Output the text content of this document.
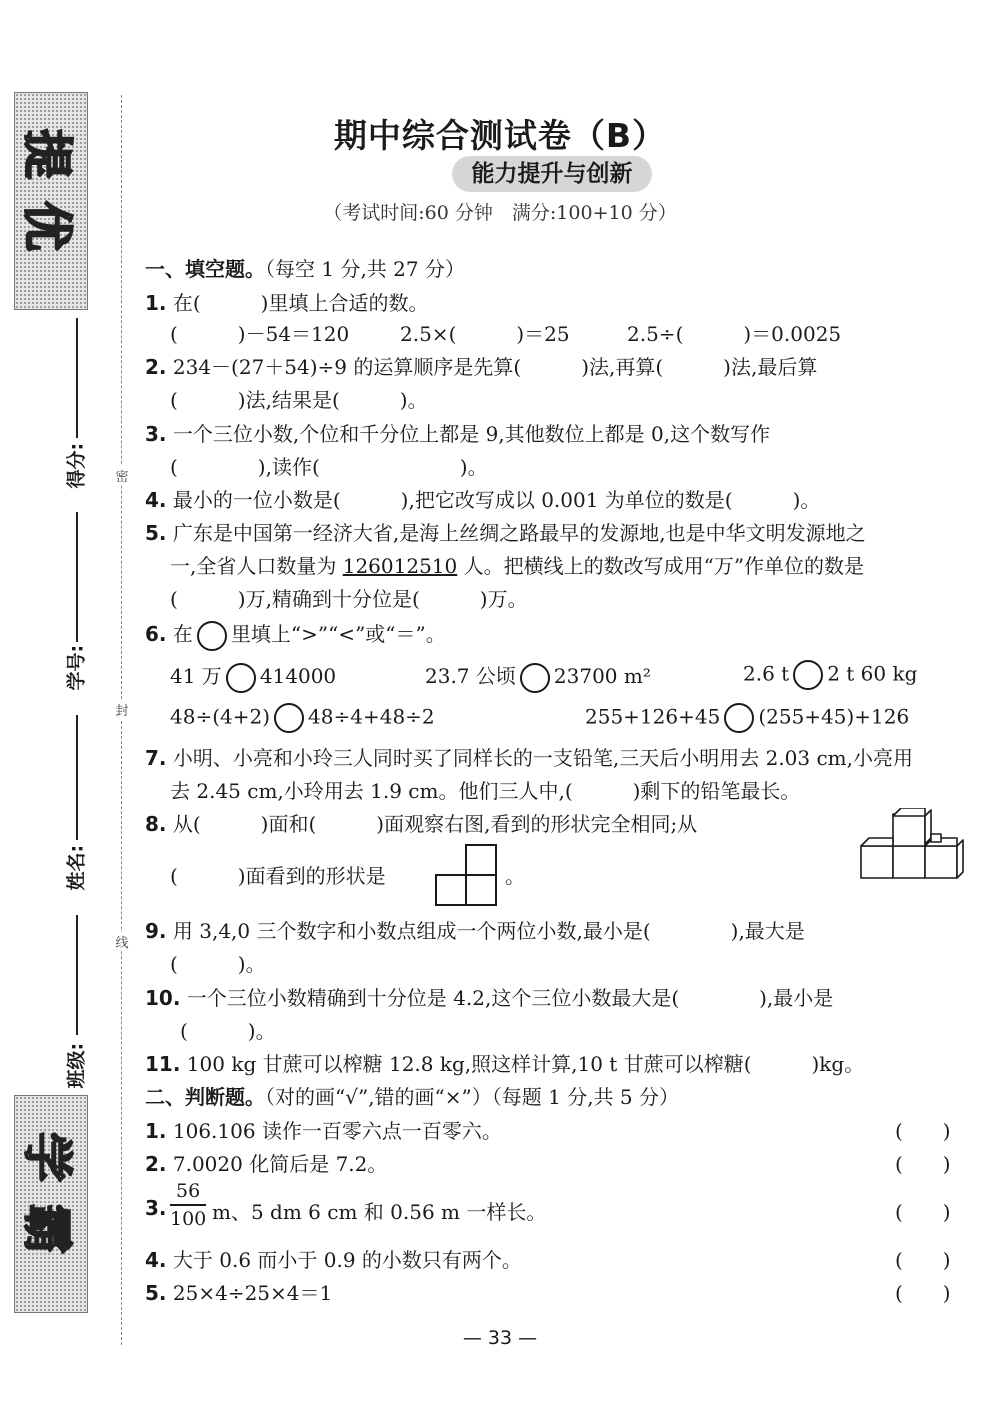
提优
学霸
得分:
学号:
姓名:
班级:
密
封
线
期中综合测试卷（B）
能力提升与创新
（考试时间:60 分钟　满分:100+10 分）
一、填空题。（每空 1 分,共 27 分）
1. 在(　　　)里填上合适的数。
(　　　)－54＝120	2.5×(　　　)＝25	2.5÷(　　　)＝0.0025
2. 234－(27＋54)÷9 的运算顺序是先算(　　　)法,再算(　　　)法,最后算
(　　　)法,结果是(　　　)。
3. 一个三位小数,个位和千分位上都是 9,其他数位上都是 0,这个数写作
(　　　　),读作(　　　　　　　)。
4. 最小的一位小数是(　　　),把它改写成以 0.001 为单位的数是(　　　)。
5. 广东是中国第一经济大省,是海上丝绸之路最早的发源地,也是中华文明发源地之
一,全省人口数量为 126012510 人。把横线上的数改写成用“万”作单位的数是
(　　　)万,精确到十分位是(　　　)万。
6. 在 里填上“>”“<”或“＝”。
41 万 414000	23.7 公顷 23700 m²	2.6 t 2 t 60 kg
48÷(4+2) 48÷4+48÷2	255+126+45 (255+45)+126
7. 小明、小亮和小玲三人同时买了同样长的一支铅笔,三天后小明用去 2.03 cm,小亮用
去 2.45 cm,小玲用去 1.9 cm。他们三人中,(　　　)剩下的铅笔最长。
8. 从(　　　)面和(　　　)面观察右图,看到的形状完全相同;从
(　　　)面看到的形状是	。
9. 用 3,4,0 三个数字和小数点组成一个两位小数,最小是(　　　　),最大是
(　　　)。
10. 一个三位小数精确到十分位是 4.2,这个三位小数最大是(　　　　),最小是
(　　　)。
11. 100 kg 甘蔗可以榨糖 12.8 kg,照这样计算,10 t 甘蔗可以榨糖(　　　)kg。
二、判断题。（对的画“√”,错的画“×”）（每题 1 分,共 5 分）
1. 106.106 读作一百零六点一百零六。	(　　)
2. 7.0020 化简后是 7.2。	(　　)
3.
56
100 m、5 dm 6 cm 和 0.56 m 一样长。	(　　)
4. 大于 0.6 而小于 0.9 的小数只有两个。	(　　)
5. 25×4÷25×4＝1	(　　)
— 33 —
